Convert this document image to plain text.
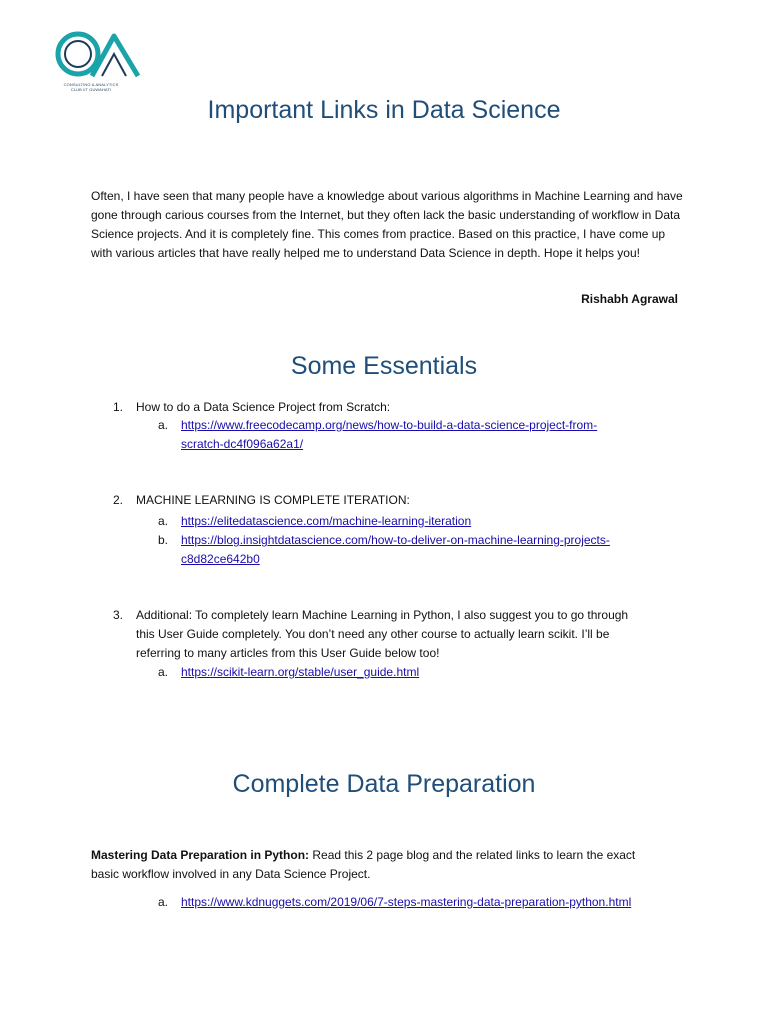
CONSULTING & ANALYTICS CLUB IIT GUWAHATI
Important Links in Data Science
Often, I have seen that many people have a knowledge about various algorithms in Machine Learning and have gone through carious courses from the Internet, but they often lack the basic understanding of workflow in Data Science projects. And it is completely fine. This comes from practice. Based on this practice, I have come up with various articles that have really helped me to understand Data Science in depth. Hope it helps you!
Rishabh Agrawal
Some Essentials
1. How to do a Data Science Project from Scratch:
a. https://www.freecodecamp.org/news/how-to-build-a-data-science-project-from-
scratch-dc4f096a62a1/
2. MACHINE LEARNING IS COMPLETE ITERATION:
a. https://elitedatascience.com/machine-learning-iteration
b. https://blog.insightdatascience.com/how-to-deliver-on-machine-learning-projects-
c8d82ce642b0
3. Additional: To completely learn Machine Learning in Python, I also suggest you to go through
this User Guide completely. You don’t need any other course to actually learn scikit. I’ll be
referring to many articles from this User Guide below too!
a. https://scikit-learn.org/stable/user_guide.html
Complete Data Preparation
Mastering Data Preparation in Python: Read this 2 page blog and the related links to learn the exact
basic workflow involved in any Data Science Project.
a. https://www.kdnuggets.com/2019/06/7-steps-mastering-data-preparation-python.html
